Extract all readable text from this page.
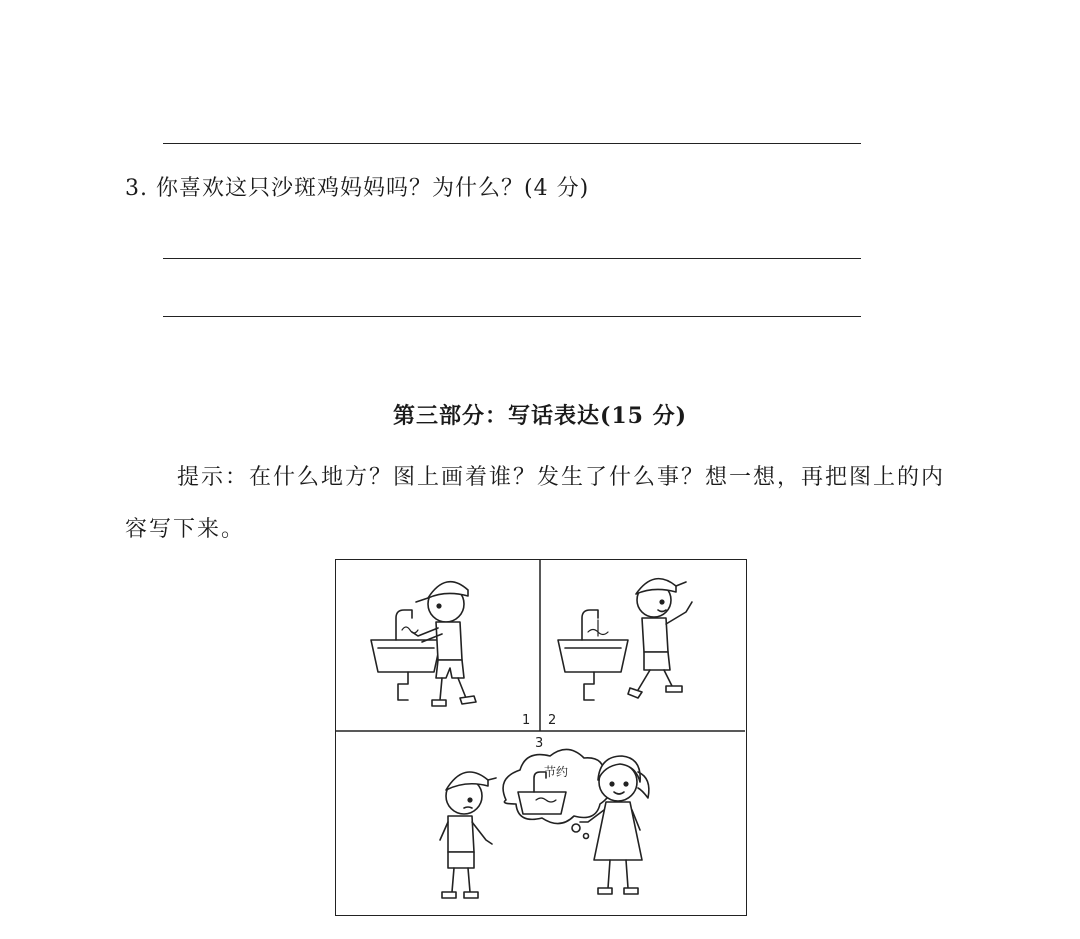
3. 你喜欢这只沙斑鸡妈妈吗？为什么？(4 分)
第三部分：写话表达(15 分)
提示：在什么地方？图上画着谁？发生了什么事？想一想，再把图上的内容写下来。
1 2
3
节约
